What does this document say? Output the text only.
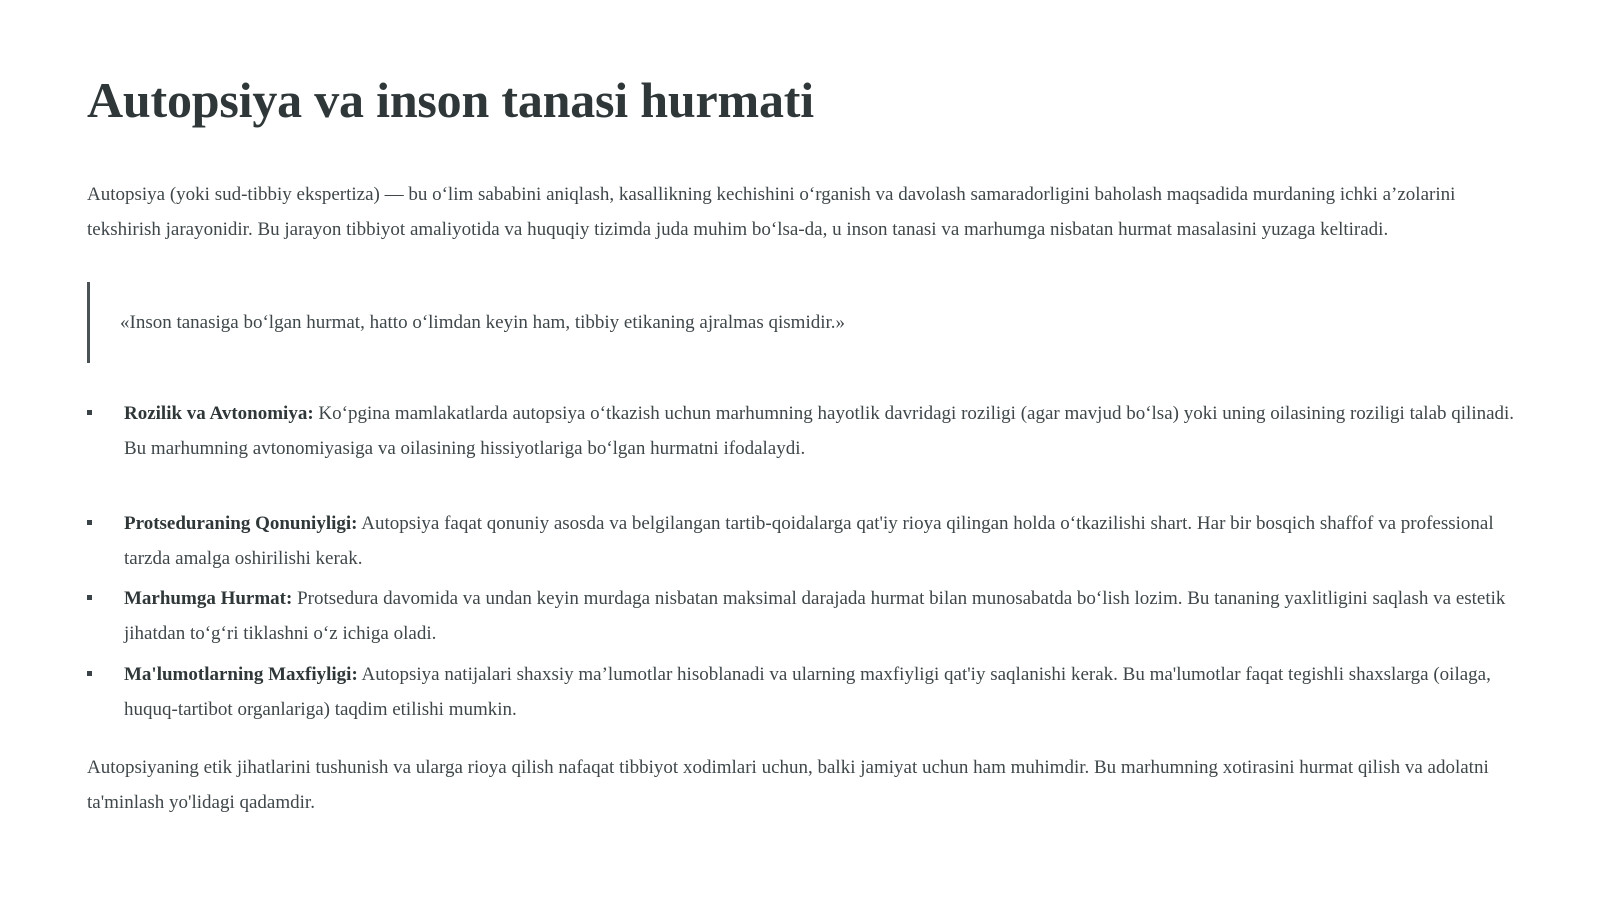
Autopsiya va inson tanasi hurmati

Autopsiya (yoki sud-tibbiy ekspertiza) — bu oʻlim sababini aniqlash, kasallikning kechishini oʻrganish va davolash samaradorligini baholash maqsadida murdaning ichki aʼzolarini tekshirish jarayonidir. Bu jarayon tibbiyot amaliyotida va huquqiy tizimda juda muhim boʻlsa-da, u inson tanasi va marhumga nisbatan hurmat masalasini yuzaga keltiradi.

«Inson tanasiga boʻlgan hurmat, hatto oʻlimdan keyin ham, tibbiy etikaning ajralmas qismidir.»
Rozilik va Avtonomiya: Koʻpgina mamlakatlarda autopsiya oʻtkazish uchun marhumning hayotlik davridagi roziligi (agar mavjud boʻlsa) yoki uning oilasining roziligi talab qilinadi. Bu marhumning avtonomiyasiga va oilasining hissiyotlariga boʻlgan hurmatni ifodalaydi.
Protseduraning Qonuniyligi: Autopsiya faqat qonuniy asosda va belgilangan tartib-qoidalarga qat'iy rioya qilingan holda oʻtkazilishi shart. Har bir bosqich shaffof va professional tarzda amalga oshirilishi kerak.
Marhumga Hurmat: Protsedura davomida va undan keyin murdaga nisbatan maksimal darajada hurmat bilan munosabatda boʻlish lozim. Bu tananing yaxlitligini saqlash va estetik jihatdan toʻgʻri tiklashni oʻz ichiga oladi.
Ma'lumotlarning Maxfiyligi: Autopsiya natijalari shaxsiy maʼlumotlar hisoblanadi va ularning maxfiyligi qat'iy saqlanishi kerak. Bu ma'lumotlar faqat tegishli shaxslarga (oilaga, huquq-tartibot organlariga) taqdim etilishi mumkin.

Autopsiyaning etik jihatlarini tushunish va ularga rioya qilish nafaqat tibbiyot xodimlari uchun, balki jamiyat uchun ham muhimdir. Bu marhumning xotirasini hurmat qilish va adolatni ta'minlash yo'lidagi qadamdir.
